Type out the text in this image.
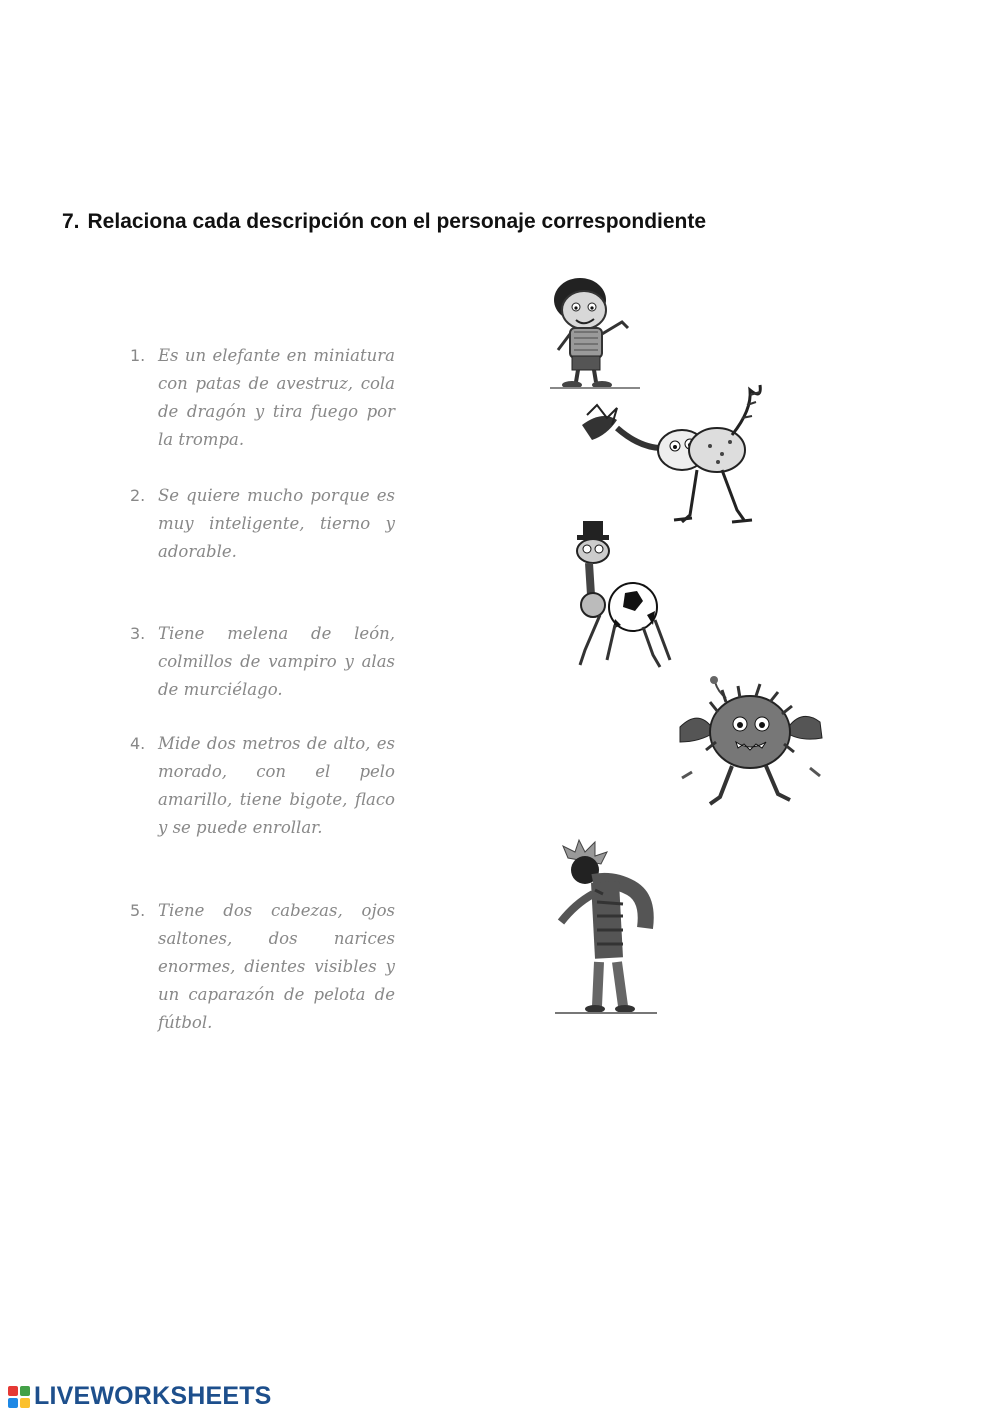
7. Relaciona cada descripción con el personaje correspondiente
1. Es un elefante en miniatura con patas de avestruz, cola de dragón y tira fuego por la trompa.
2. Se quiere mucho porque es muy inteligente, tierno y adorable.
3. Tiene melena de león, colmillos de vampiro y alas de murciélago.
4. Mide dos metros de alto, es morado, con el pelo amarillo, tiene bigote, flaco y se puede enrollar.
5. Tiene dos cabezas, ojos saltones, dos narices enormes, dientes visibles y un caparazón de pelota de fútbol.
LIVEWORKSHEETS
